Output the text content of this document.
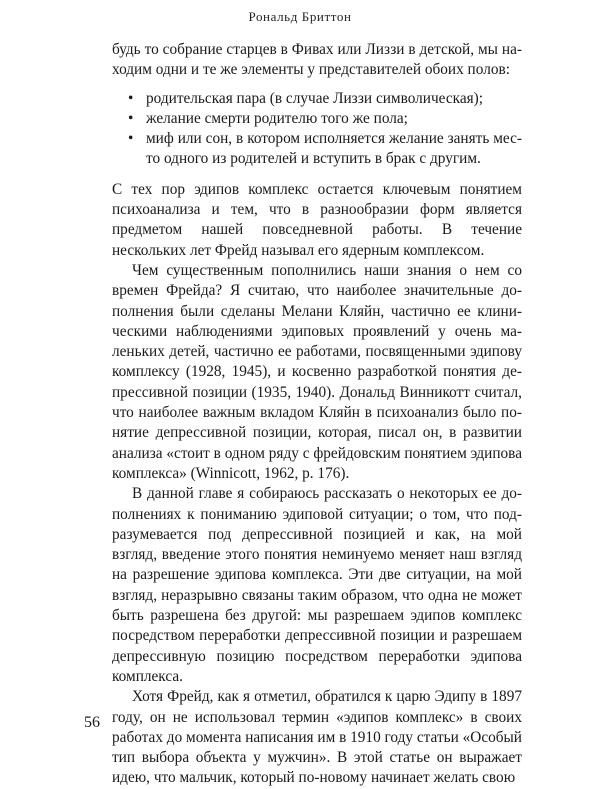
Рональд Бриттон

будь то собрание старцев в Фивах или Лиззи в детской, мы находим одни и те же элементы у представителей обоих полов:

• родительская пара (в случае Лиззи символическая);
• желание смерти родителю того же пола;
• миф или сон, в котором исполняется желание занять место одного из родителей и вступить в брак с другим.

С тех пор эдипов комплекс остается ключевым понятием психоанализа и тем, что в разнообразии форм является предметом нашей повседневной работы. В течение нескольких лет Фрейд называл его ядерным комплексом.

Чем существенным пополнились наши знания о нем со времен Фрейда? Я считаю, что наиболее значительные дополнения были сделаны Мелани Кляйн, частично ее клиническими наблюдениями эдиповых проявлений у очень маленьких детей, частично ее работами, посвященными эдипову комплексу (1928, 1945), и косвенно разработкой понятия депрессивной позиции (1935, 1940). Дональд Винникотт считал, что наиболее важным вкладом Кляйн в психоанализ было понятие депрессивной позиции, которая, писал он, в развитии анализа «стоит в одном ряду с фрейдовским понятием эдипова комплекса» (Winnicott, 1962, p. 176).

В данной главе я собираюсь рассказать о некоторых ее дополнениях к пониманию эдиповой ситуации; о том, что подразумевается под депрессивной позицией и как, на мой взгляд, введение этого понятия неминуемо меняет наш взгляд на разрешение эдипова комплекса. Эти две ситуации, на мой взгляд, неразрывно связаны таким образом, что одна не может быть разрешена без другой: мы разрешаем эдипов комплекс посредством переработки депрессивной позиции и разрешаем депрессивную позицию посредством переработки эдипова комплекса.

Хотя Фрейд, как я отметил, обратился к царю Эдипу в 1897 году, он не использовал термин «эдипов комплекс» в своих работах до момента написания им в 1910 году статьи «Особый тип выбора объекта у мужчин». В этой статье он выражает идею, что мальчик, который по-новому начинает желать свою

56
